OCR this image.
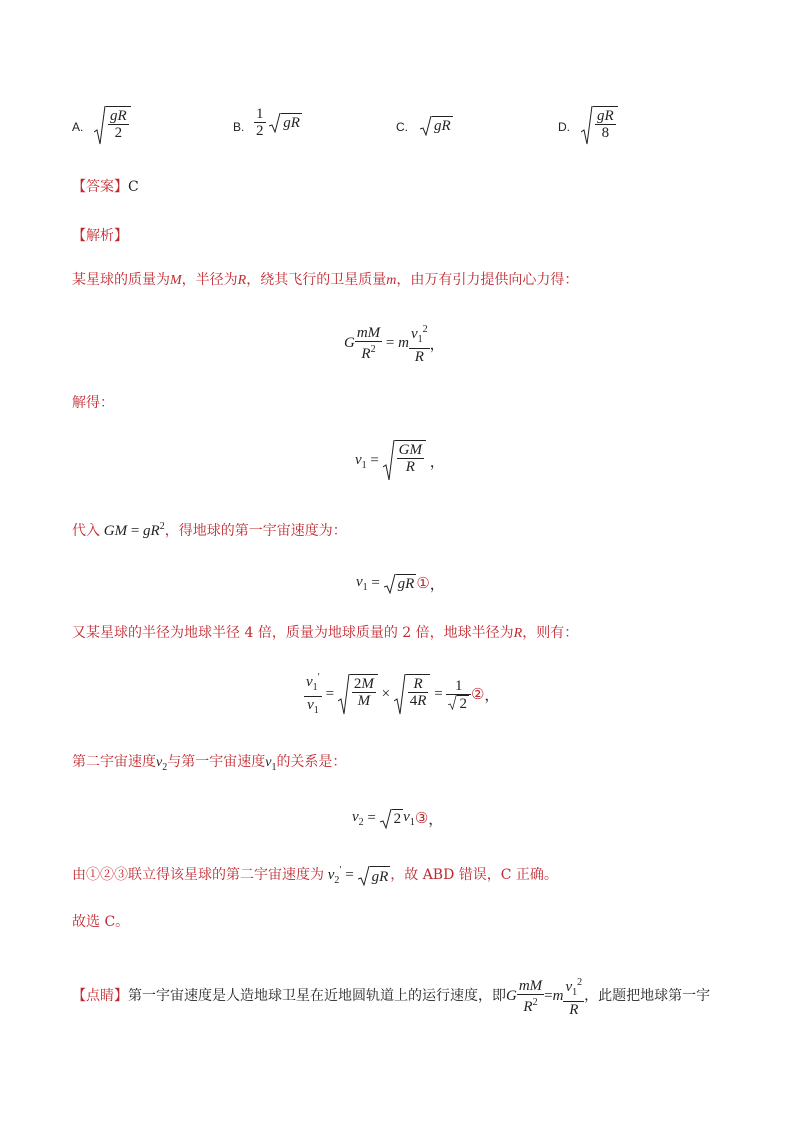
A. $\frac{gR}{2}$	B. $\frac{1}{2}$
gR	C.	gR	D. $\frac{gR}{8}$
【答案】C
【解析】
某星球的质量为M，半径为R，绕其飞行的卫星质量m，由万有引力提供向心力得：
G $\frac{mM}{R^2} = m \frac{v_1^2}{R}$ ，
解得：
$v_1 = \frac{GM}{R}$ ，
代入 GM = $gR^2$，得地球的第一宇宙速度为：
$v_1$ =
gR ①，
又某星球的半径为地球半径 4 倍，质量为地球质量的 2 倍，地球半径为R，则有：
$\frac{v_1'}{v_1} = \frac{2M}{M} \times \frac{R}{4R} = \frac{1}{2}$ ②，
第二宇宙速度$v_2$与第一宇宙速度$v_1$的关系是：
$v_2$ =
2 $v_1③$，
由①②③联立得该星球的第二宇宙速度为 $v_2'$ = gR ，故 ABD 错误，C 正确。
故选 C。
【点睛】第一宇宙速度是人造地球卫星在近地圆轨道上的运行速度，即G $\frac{mM}{R^2} =m \frac{v_1^2}{R}$ ，此题把地球第一宇
